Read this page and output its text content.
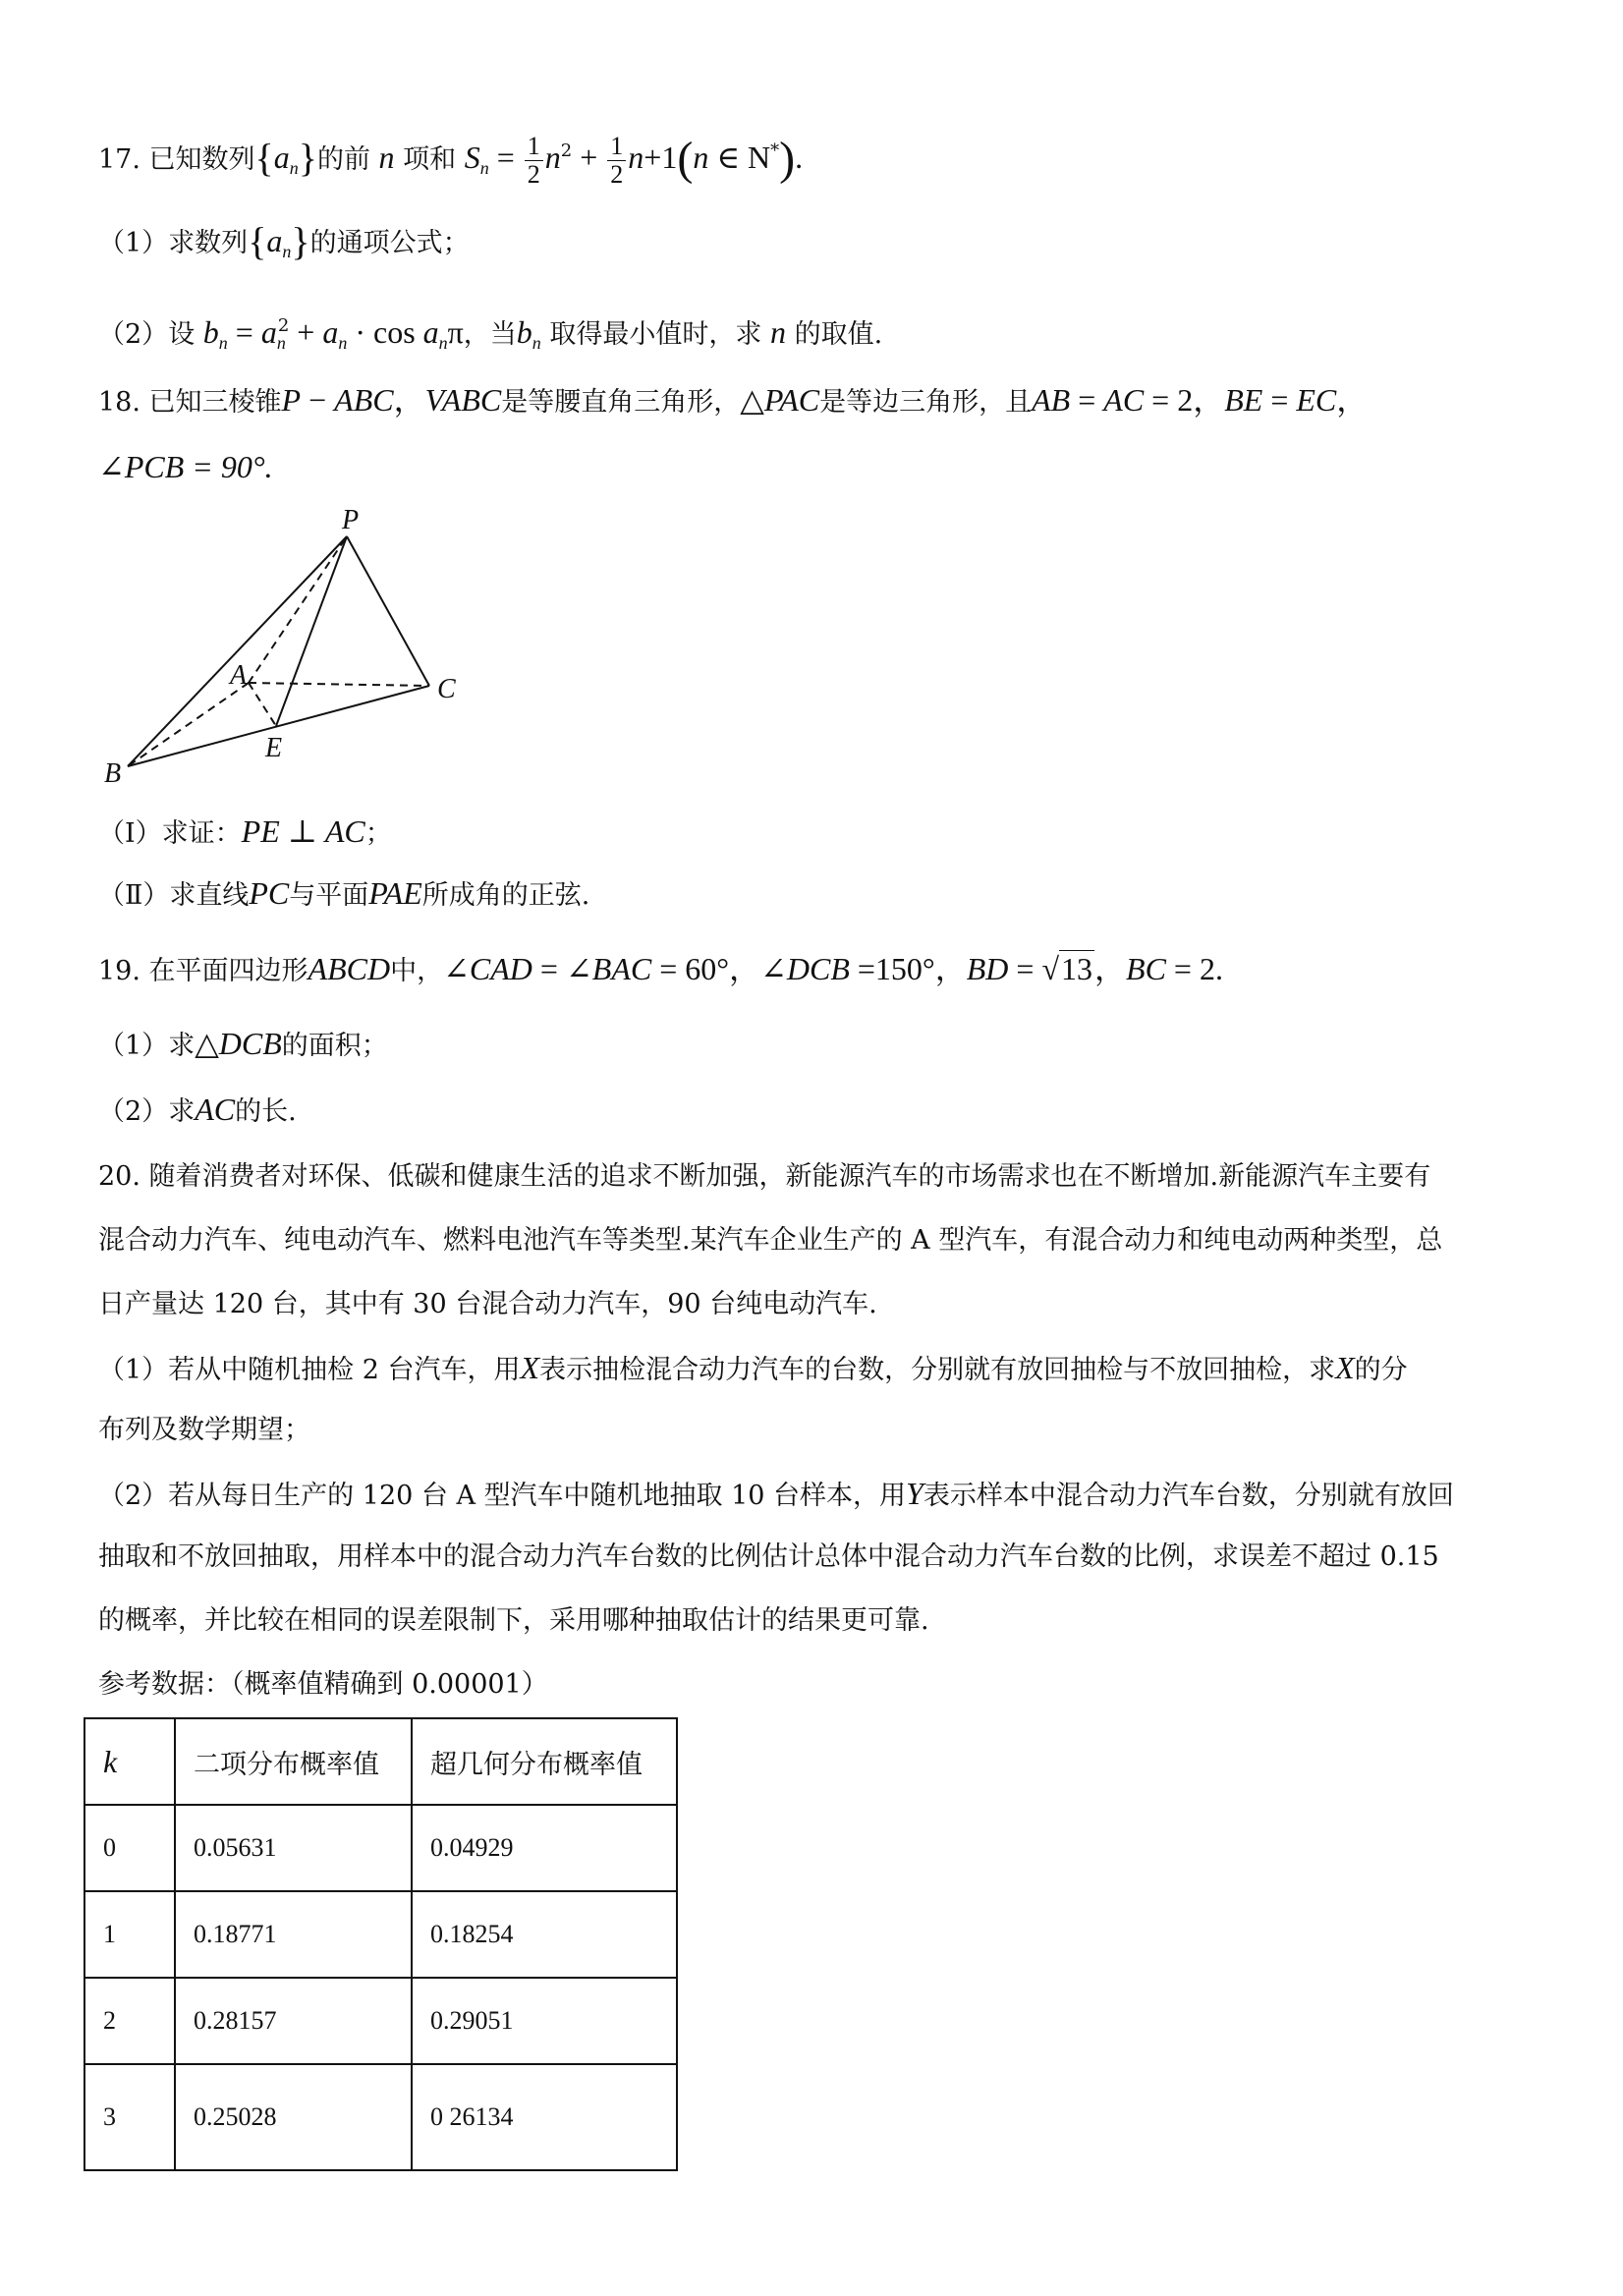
17. 已知数列$\{a_n\}$的前 n 项和 $S_n = \frac{1}{2} n^2 + \frac{1}{2} n+1(n$ ∈ N*).
（1）求数列$\{a_n\}$的通项公式；
（2）设 $b_n = a_n^2 + a_n \cdot \cos a_n\pi$，当$b_n$ 取得最小值时，求 n 的取值.
18. 已知三棱锥P − ABC，VABC是等腰直角三角形，△PAC是等边三角形，且AB = AC = 2，BE = EC，
∠PCB = 90°.
P
A	C
B
E
（Ⅰ）求证：PE ⊥ AC；
（Ⅱ）求直线PC与平面PAE所成角的正弦.
19. 在平面四边形ABCD中，∠CAD = ∠BAC = 60°，∠DCB =150°，BD = √13，BC = 2.
（1）求△DCB的面积；
（2）求AC的长.
20. 随着消费者对环保、低碳和健康生活的追求不断加强，新能源汽车的市场需求也在不断增加.新能源汽车主要有
混合动力汽车、纯电动汽车、燃料电池汽车等类型.某汽车企业生产的 A 型汽车，有混合动力和纯电动两种类型，总
日产量达 120 台，其中有 30 台混合动力汽车，90 台纯电动汽车.
（1）若从中随机抽检 2 台汽车，用X表示抽检混合动力汽车的台数，分别就有放回抽检与不放回抽检，求X的分
布列及数学期望；
（2）若从每日生产的 120 台 A 型汽车中随机地抽取 10 台样本，用Y表示样本中混合动力汽车台数，分别就有放回
抽取和不放回抽取，用样本中的混合动力汽车台数的比例估计总体中混合动力汽车台数的比例，求误差不超过 0.15
的概率，并比较在相同的误差限制下，采用哪种抽取估计的结果更可靠.
参考数据：（概率值精确到 0.00001）
k	二项分布概率值	超几何分布概率值
0	0.05631	0.04929
1	0.18771	0.18254
2	0.28157	0.29051
3	0.25028	0 26134
